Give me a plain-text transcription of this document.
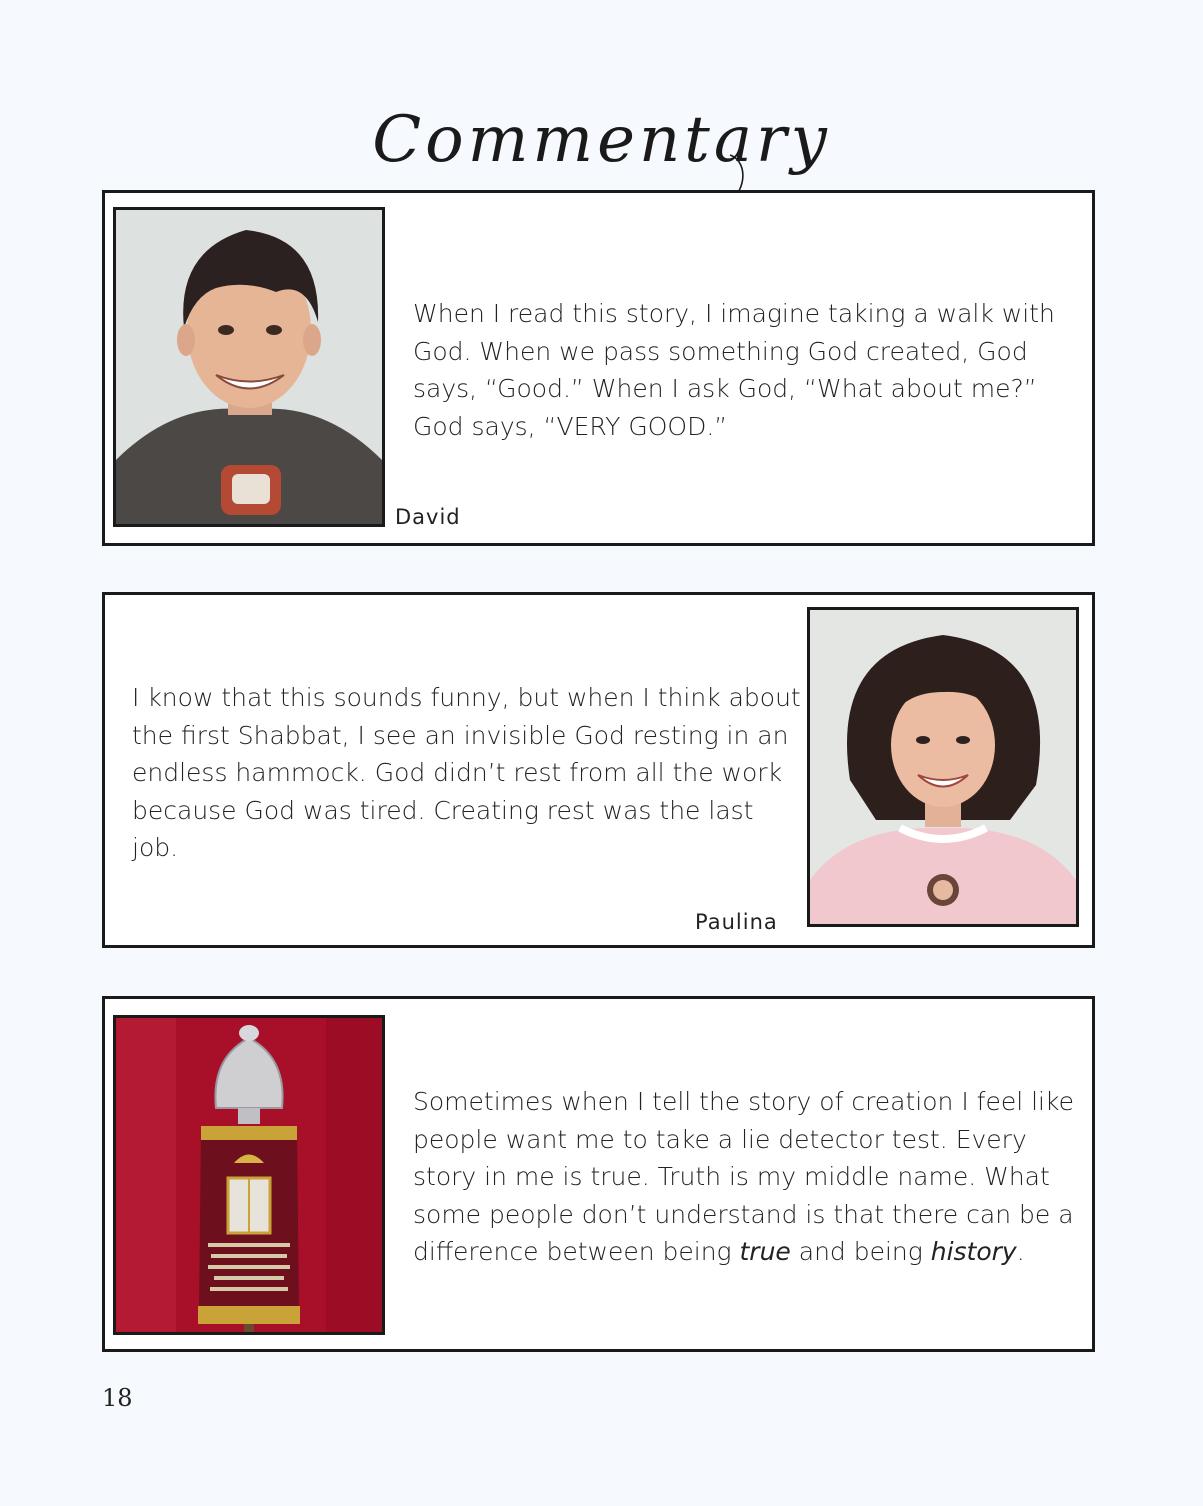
Commentary
When I read this story, I imagine taking a walk with God. When we pass something God created, God says, “Good.” When I ask God, “What about me?” God says, “VERY GOOD.”
David
I know that this sounds funny, but when I think about the first Shabbat, I see an invisible God resting in an endless hammock. God didn’t rest from all the work because God was tired. Creating rest was the last job.
Paulina
Sometimes when I tell the story of creation I feel like people want me to take a lie detector test. Every story in me is true. Truth is my middle name. What some people don’t understand is that there can be a difference between being true and being history.
18
